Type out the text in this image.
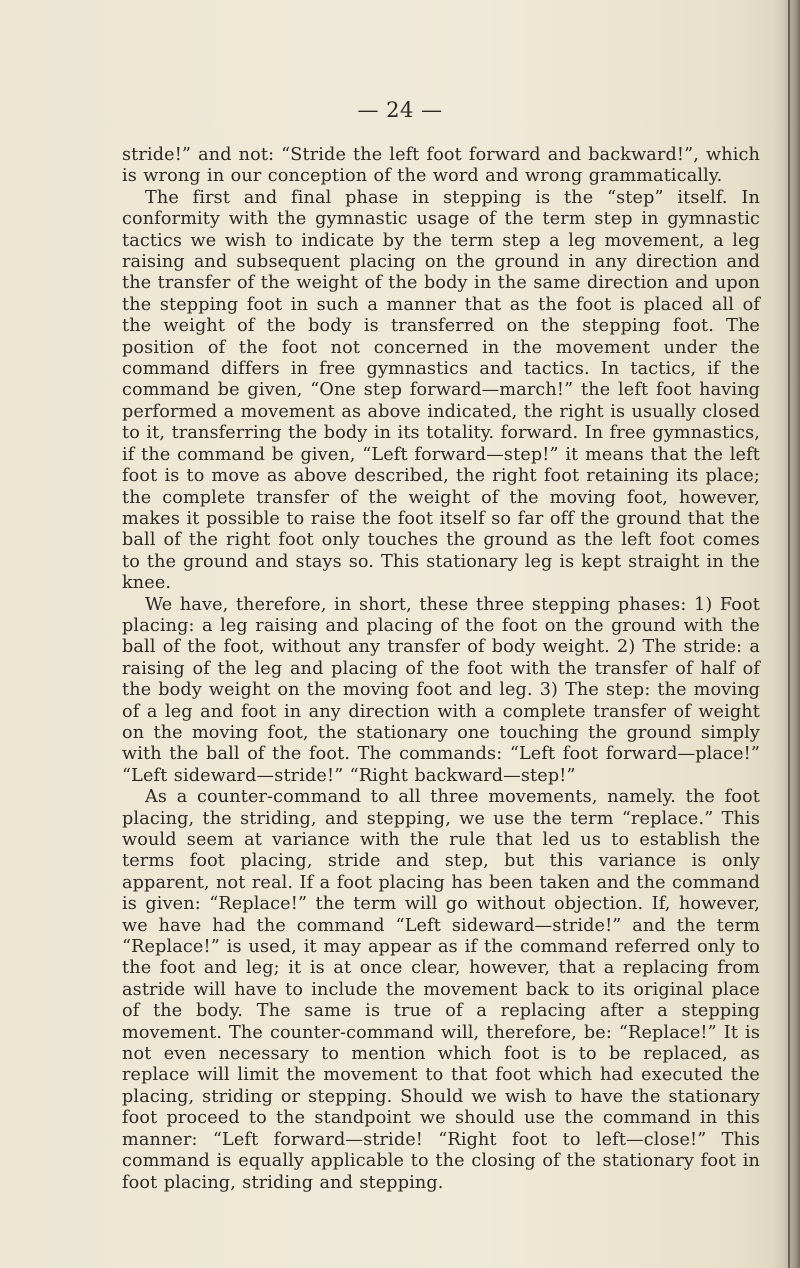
— 24 —

stride!” and not: “Stride the left foot forward and backward!”, which is wrong in our conception of the word and wrong grammatically.

The first and final phase in stepping is the “step” itself. In conformity with the gymnastic usage of the term step in gymnastic tactics we wish to indicate by the term step a leg movement, a leg raising and subsequent placing on the ground in any direction and the transfer of the weight of the body in the same direction and upon the stepping foot in such a manner that as the foot is placed all of the weight of the body is transferred on the stepping foot. The position of the foot not concerned in the movement under the command differs in free gymnastics and tactics. In tactics, if the command be given, “One step forward—march!” the left foot having performed a movement as above indicated, the right is usually closed to it, transferring the body in its totality. forward. In free gymnastics, if the command be given, “Left forward—step!” it means that the left foot is to move as above described, the right foot retaining its place; the complete transfer of the weight of the moving foot, however, makes it possible to raise the foot itself so far off the ground that the ball of the right foot only touches the ground as the left foot comes to the ground and stays so. This stationary leg is kept straight in the knee.

We have, therefore, in short, these three stepping phases: 1) Foot placing: a leg raising and placing of the foot on the ground with the ball of the foot, without any transfer of body weight. 2) The stride: a raising of the leg and placing of the foot with the transfer of half of the body weight on the moving foot and leg. 3) The step: the moving of a leg and foot in any direction with a complete transfer of weight on the moving foot, the stationary one touching the ground simply with the ball of the foot. The commands: “Left foot forward—place!” “Left sideward—stride!” “Right backward—step!”

As a counter-command to all three movements, namely. the foot placing, the striding, and stepping, we use the term “replace.” This would seem at variance with the rule that led us to establish the terms foot placing, stride and step, but this variance is only apparent, not real. If a foot placing has been taken and the command is given: “Replace!” the term will go without objection. If, however, we have had the command “Left sideward—stride!” and the term “Replace!” is used, it may appear as if the command referred only to the foot and leg; it is at once clear, however, that a replacing from astride will have to include the movement back to its original place of the body. The same is true of a replacing after a stepping movement. The counter-command will, therefore, be: “Replace!” It is not even necessary to mention which foot is to be replaced, as replace will limit the movement to that foot which had executed the placing, striding or stepping. Should we wish to have the stationary foot proceed to the standpoint we should use the command in this manner: “Left forward—stride! “Right foot to left—close!” This command is equally applicable to the closing of the stationary foot in foot placing, striding and stepping.
